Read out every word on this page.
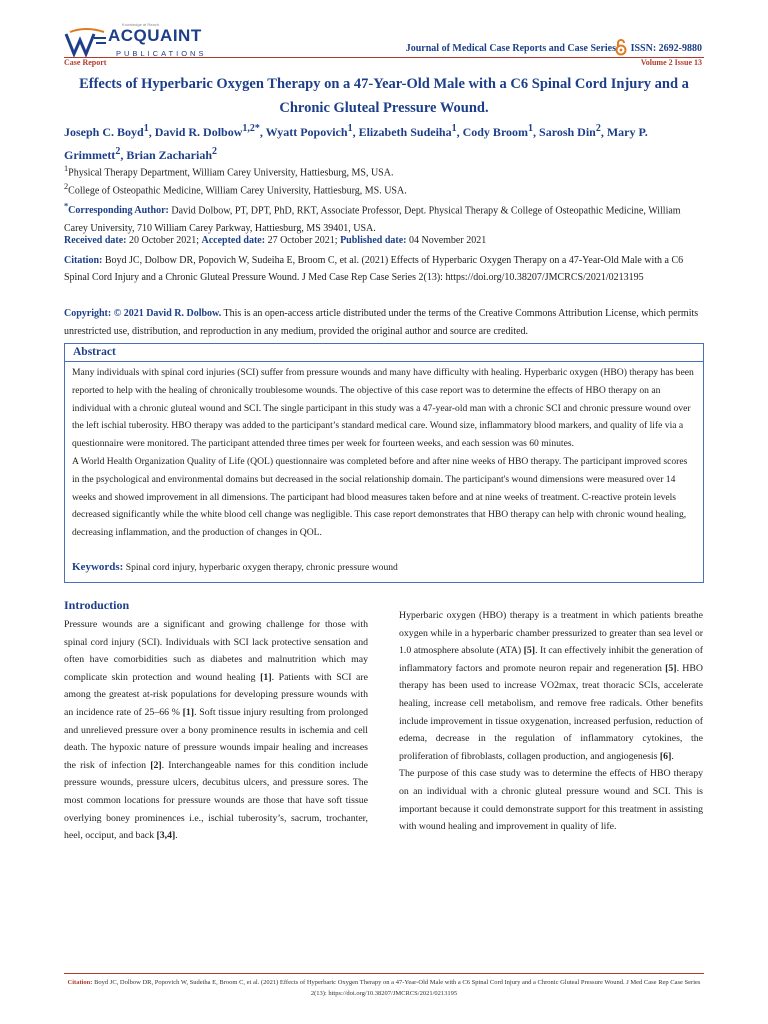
Knowledge at Reach
ACQUAINT
PUBLICATIONS	Journal of Medical Case Reports and Case Series ISSN: 2692-9880
Case Report	Volume 2 Issue 13
Effects of Hyperbaric Oxygen Therapy on a 47-Year-Old Male with a C6 Spinal Cord Injury and a Chronic Gluteal Pressure Wound.
Joseph C. Boyd$^1$, David R. Dolbow$^{1,2*}$, Wyatt Popovich$^1$, Elizabeth Sudeiha$^1$, Cody Broom$^1$, Sarosh Din$^2$, Mary P. Grimmett$^2$, Brian Zachariah$^2$
$^1$Physical Therapy Department, William Carey University, Hattiesburg, MS, USA.
$^2$College of Osteopathic Medicine, William Carey University, Hattiesburg, MS. USA.
*Corresponding Author: David Dolbow, PT, DPT, PhD, RKT, Associate Professor, Dept. Physical Therapy & College of Osteopathic Medicine, William Carey University, 710 William Carey Parkway, Hattiesburg, MS 39401, USA.
Received date: 20 October 2021; Accepted date: 27 October 2021; Published date: 04 November 2021
Citation: Boyd JC, Dolbow DR, Popovich W, Sudeiha E, Broom C, et al. (2021) Effects of Hyperbaric Oxygen Therapy on a 47-Year-Old Male with a C6 Spinal Cord Injury and a Chronic Gluteal Pressure Wound. J Med Case Rep Case Series 2(13): https://doi.org/10.38207/JMCRCS/2021/0213195
Copyright: © 2021 David R. Dolbow. This is an open-access article distributed under the terms of the Creative Commons Attribution License, which permits unrestricted use, distribution, and reproduction in any medium, provided the original author and source are credited.
Abstract

Many individuals with spinal cord injuries (SCI) suffer from pressure wounds and many have difficulty with healing. Hyperbaric oxygen (HBO) therapy has been reported to help with the healing of chronically troublesome wounds. The objective of this case report was to determine the effects of HBO therapy on an individual with a chronic gluteal wound and SCI. The single participant in this study was a 47-year-old man with a chronic SCI and chronic pressure wound over the left ischial tuberosity. HBO therapy was added to the participant’s standard medical care. Wound size, inflammatory blood markers, and quality of life via a questionnaire were monitored. The participant attended three times per week for fourteen weeks, and each session was 60 minutes.

A World Health Organization Quality of Life (QOL) questionnaire was completed before and after nine weeks of HBO therapy. The participant improved scores in the psychological and environmental domains but decreased in the social relationship domain. The participant's wound dimensions were measured over 14 weeks and showed improvement in all dimensions. The participant had blood measures taken before and at nine weeks of treatment. C-reactive protein levels decreased significantly while the white blood cell change was negligible. This case report demonstrates that HBO therapy can help with chronic wound healing, decreasing inflammation, and the production of changes in QOL.

Keywords: Spinal cord injury, hyperbaric oxygen therapy, chronic pressure wound
Introduction

Pressure wounds are a significant and growing challenge for those with spinal cord injury (SCI). Individuals with SCI lack protective sensation and often have comorbidities such as diabetes and malnutrition which may complicate skin protection and wound healing [1]. Patients with SCI are among the greatest at-risk populations for developing pressure wounds with an incidence rate of 25–66 % [1]. Soft tissue injury resulting from prolonged and unrelieved pressure over a bony prominence results in ischemia and cell death. The hypoxic nature of pressure wounds impair healing and increases the risk of infection [2]. Interchangeable names for this condition include pressure wounds, pressure ulcers, decubitus ulcers, and pressure sores. The most common locations for pressure wounds are those that have soft tissue overlying boney prominences i.e., ischial tuberosity’s, sacrum, trochanter, heel, occiput, and back [3,4].

Hyperbaric oxygen (HBO) therapy is a treatment in which patients breathe oxygen while in a hyperbaric chamber pressurized to greater than sea level or 1.0 atmosphere absolute (ATA) [5]. It can effectively inhibit the generation of inflammatory factors and promote neuron repair and regeneration [5]. HBO therapy has been used to increase VO2max, treat thoracic SCIs, accelerate healing, increase cell metabolism, and remove free radicals. Other benefits include improvement in tissue oxygenation, increased perfusion, reduction of edema, decrease in the regulation of inflammatory cytokines, the proliferation of fibroblasts, collagen production, and angiogenesis [6].

The purpose of this case study was to determine the effects of HBO therapy on an individual with a chronic gluteal pressure wound and SCI. This is important because it could demonstrate support for this treatment in assisting with wound healing and improvement in quality of life.

Citation: Boyd JC, Dolbow DR, Popovich W, Sudeiha E, Broom C, et al. (2021) Effects of Hyperbaric Oxygen Therapy on a 47-Year-Old Male with a C6 Spinal Cord Injury and a Chronic Gluteal Pressure Wound. J Med Case Rep Case Series 2(13): https://doi.org/10.38207/JMCRCS/2021/0213195
